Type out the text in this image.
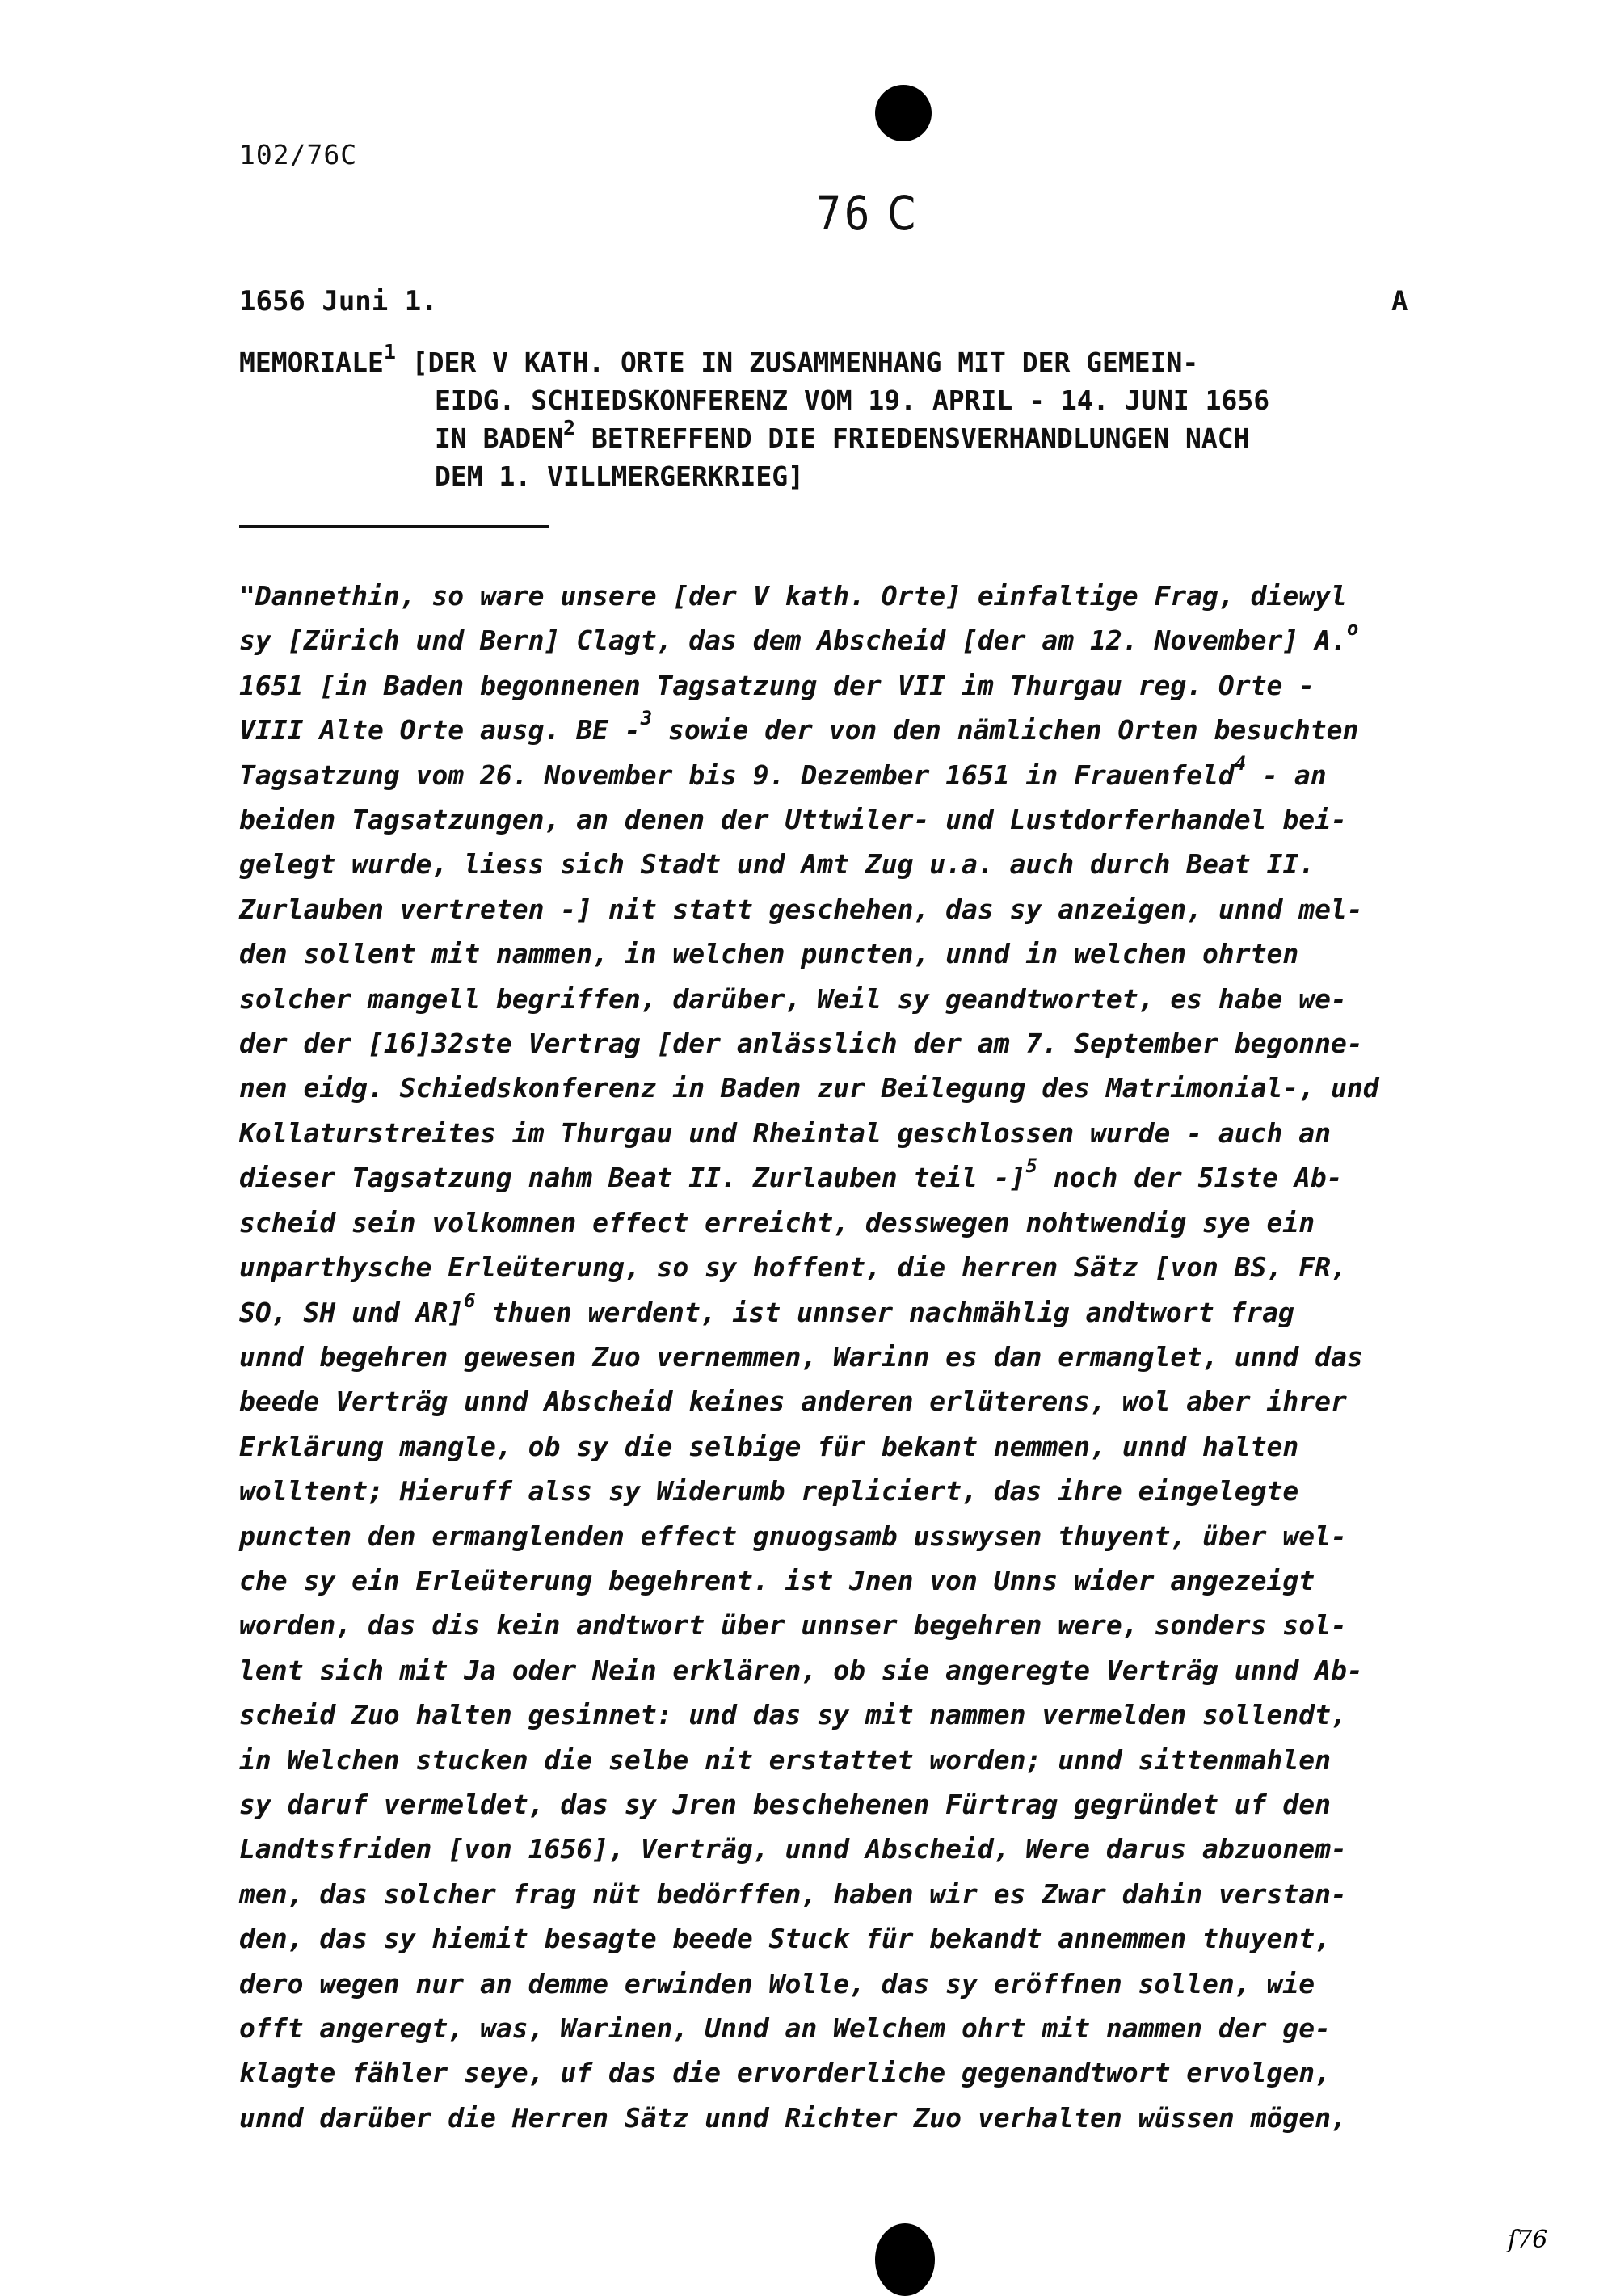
102/76C
76 C
1656 Juni 1.	A
MEMORIALE$^1$ [DER V KATH. ORTE IN ZUSAMMENHANG MIT DER GEMEIN-
EIDG. SCHIEDSKONFERENZ VOM 19. APRIL - 14. JUNI 1656
IN BADEN$^2$ BETREFFEND DIE FRIEDENSVERHANDLUNGEN NACH
DEM 1. VILLMERGERKRIEG]
"Dannethin, so ware unsere [der V kath. Orte] einfaltige Frag, diewyl
sy [Zürich und Bern] Clagt, das dem Abscheid [der am 12. November] A.$^o$
1651 [in Baden begonnenen Tagsatzung der VII im Thurgau reg. Orte -
VIII Alte Orte ausg. BE -$^3$ sowie der von den nämlichen Orten besuchten
Tagsatzung vom 26. November bis 9. Dezember 1651 in Frauenfeld$^4$ - an
beiden Tagsatzungen, an denen der Uttwiler- und Lustdorferhandel bei-
gelegt wurde, liess sich Stadt und Amt Zug u.a. auch durch Beat II.
Zurlauben vertreten -] nit statt geschehen, das sy anzeigen, unnd mel-
den sollent mit nammen, in welchen puncten, unnd in welchen ohrten
solcher mangell begriffen, darüber, Weil sy geandtwortet, es habe we-
der der [16]32ste Vertrag [der anlässlich der am 7. September begonne-
nen eidg. Schiedskonferenz in Baden zur Beilegung des Matrimonial-, und
Kollaturstreites im Thurgau und Rheintal geschlossen wurde - auch an
dieser Tagsatzung nahm Beat II. Zurlauben teil -]$^5$ noch der 51ste Ab-
scheid sein volkomnen effect erreicht, desswegen nohtwendig sye ein
unparthysche Erleüterung, so sy hoffent, die herren Sätz [von BS, FR,
SO, SH und AR]$^6$ thuen werdent, ist unnser nachmählig andtwort frag
unnd begehren gewesen Zuo vernemmen, Warinn es dan ermanglet, unnd das
beede Verträg unnd Abscheid keines anderen erlüterens, wol aber ihrer
Erklärung mangle, ob sy die selbige für bekant nemmen, unnd halten
wolltent; Hieruff alss sy Widerumb repliciert, das ihre eingelegte
puncten den ermanglenden effect gnuogsamb usswysen thuyent, über wel-
che sy ein Erleüterung begehrent. ist Jnen von Unns wider angezeigt
worden, das dis kein andtwort über unnser begehren were, sonders sol-
lent sich mit Ja oder Nein erklären, ob sie angeregte Verträg unnd Ab-
scheid Zuo halten gesinnet: und das sy mit nammen vermelden sollendt,
in Welchen stucken die selbe nit erstattet worden; unnd sittenmahlen
sy daruf vermeldet, das sy Jren beschehenen Fürtrag gegründet uf den
Landtsfriden [von 1656], Verträg, unnd Abscheid, Were darus abzuonem-
men, das solcher frag nüt bedörffen, haben wir es Zwar dahin verstan-
den, das sy hiemit besagte beede Stuck für bekandt annemmen thuyent,
dero wegen nur an demme erwinden Wolle, das sy eröffnen sollen, wie
offt angeregt, was, Warinen, Unnd an Welchem ohrt mit nammen der ge-
klagte fähler seye, uf das die ervorderliche gegenandtwort ervolgen,
unnd darüber die Herren Sätz unnd Richter Zuo verhalten wüssen mögen,
ſ76
